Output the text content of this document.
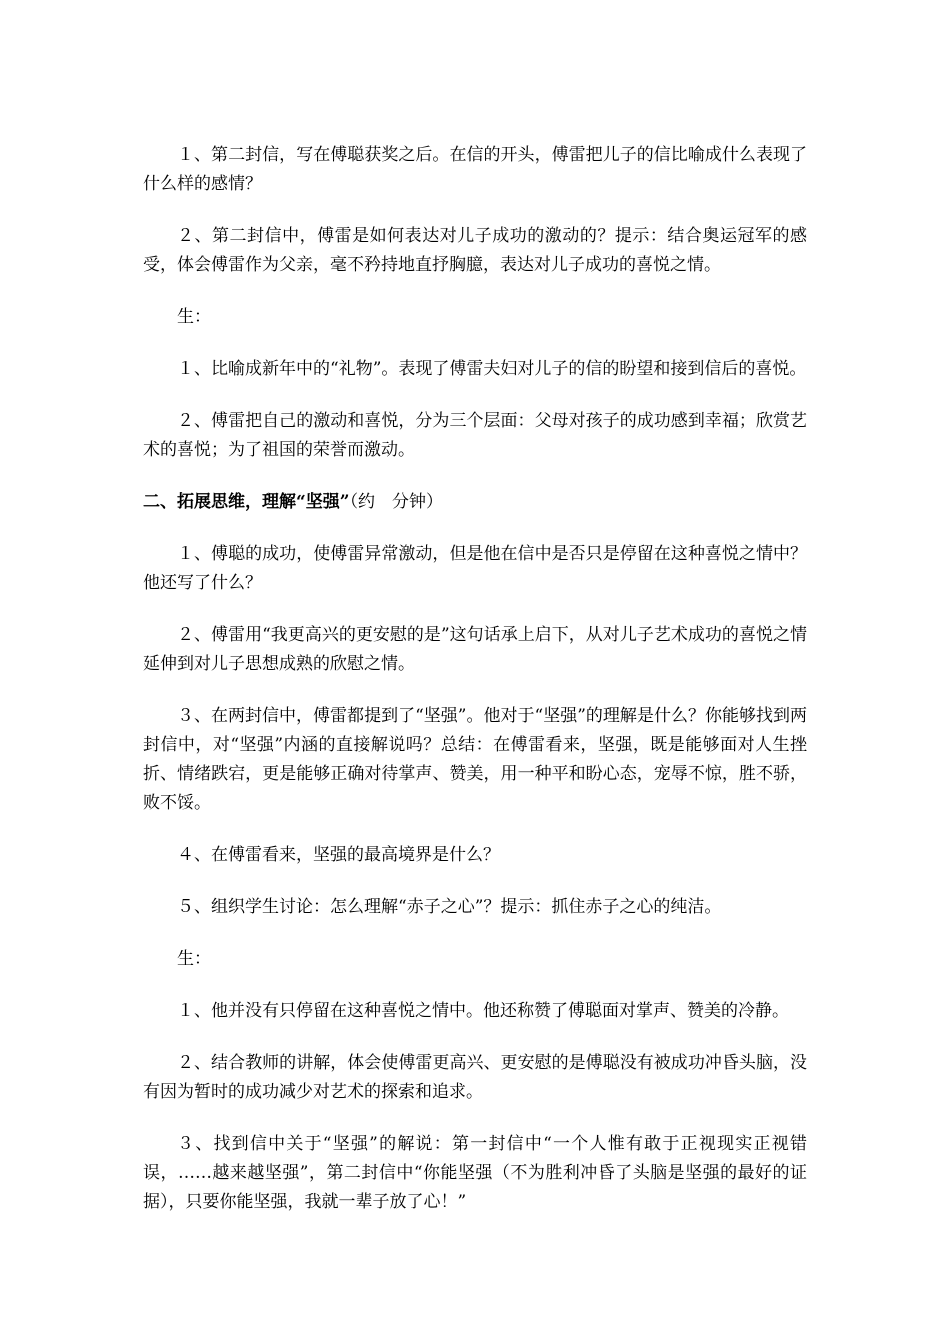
１、第二封信，写在傅聪获奖之后。在信的开头，傅雷把儿子的信比喻成什么表现了什么样的感情？

２、第二封信中，傅雷是如何表达对儿子成功的激动的？提示：结合奥运冠军的感受，体会傅雷作为父亲，毫不矜持地直抒胸臆，表达对儿子成功的喜悦之情。

生：

１、比喻成新年中的“礼物”。表现了傅雷夫妇对儿子的信的盼望和接到信后的喜悦。

２、傅雷把自己的激动和喜悦，分为三个层面：父母对孩子的成功感到幸福；欣赏艺术的喜悦；为了祖国的荣誉而激动。

二、拓展思维，理解“坚强”（约　分钟）

１、傅聪的成功，使傅雷异常激动，但是他在信中是否只是停留在这种喜悦之情中？他还写了什么？

２、傅雷用“我更高兴的更安慰的是”这句话承上启下，从对儿子艺术成功的喜悦之情延伸到对儿子思想成熟的欣慰之情。

３、在两封信中，傅雷都提到了“坚强”。他对于“坚强”的理解是什么？你能够找到两封信中，对“坚强”内涵的直接解说吗？总结：在傅雷看来，坚强，既是能够面对人生挫折、情绪跌宕，更是能够正确对待掌声、赞美，用一种平和盼心态，宠辱不惊，胜不骄，败不馁。

４、在傅雷看来，坚强的最高境界是什么？

５、组织学生讨论：怎么理解“赤子之心”？提示：抓住赤子之心的纯洁。

生：

１、他并没有只停留在这种喜悦之情中。他还称赞了傅聪面对掌声、赞美的冷静。

２、结合教师的讲解，体会使傅雷更高兴、更安慰的是傅聪没有被成功冲昏头脑，没有因为暂时的成功减少对艺术的探索和追求。

３、找到信中关于“坚强”的解说：第一封信中“一个人惟有敢于正视现实正视错误，……越来越坚强”，第二封信中“你能坚强（不为胜利冲昏了头脑是坚强的最好的证据），只要你能坚强，我就一辈子放了心！”
